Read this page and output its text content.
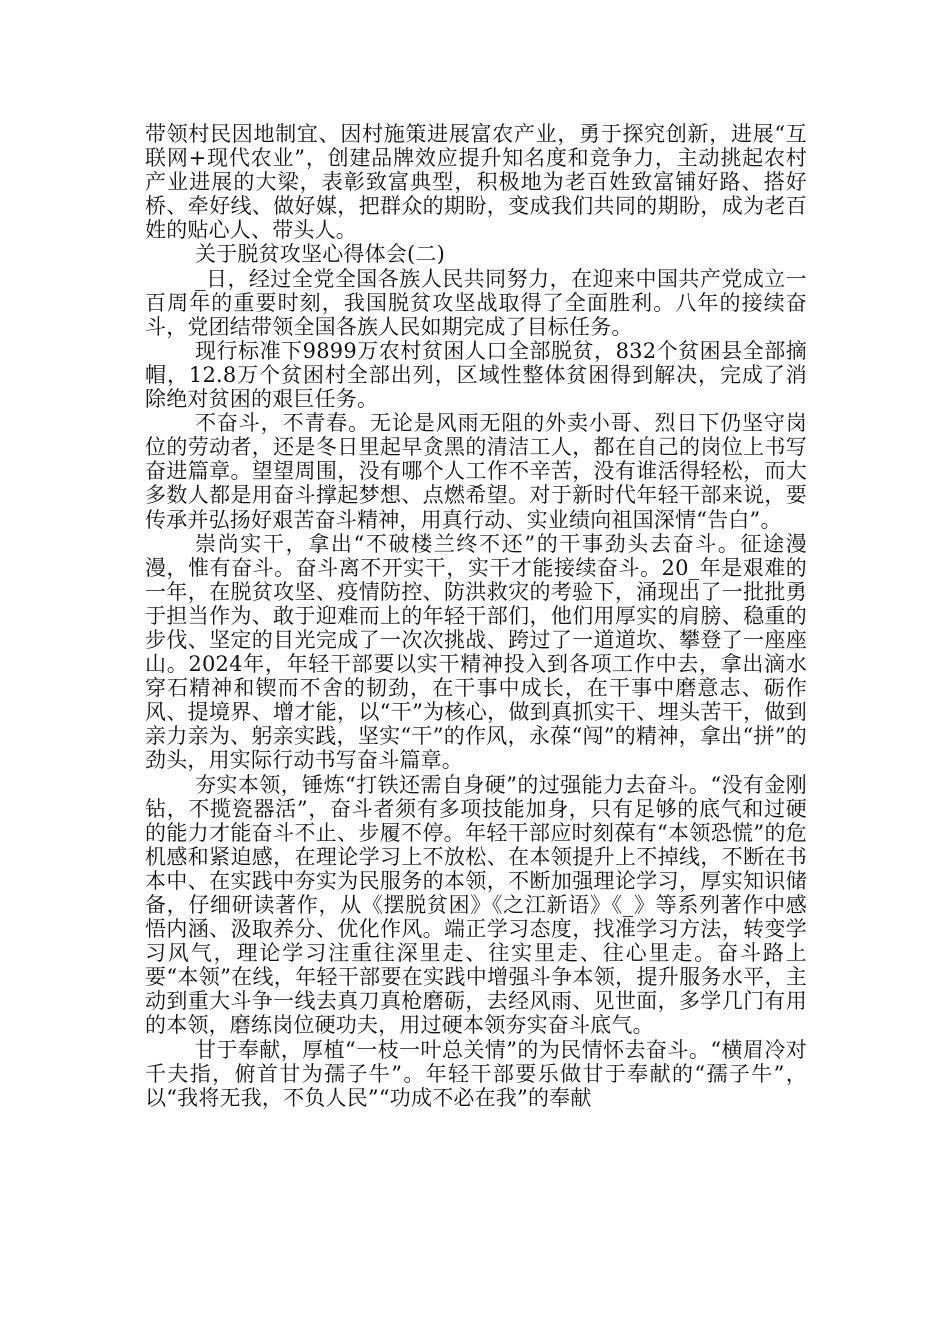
带领村民因地制宜、因村施策进展富农产业，勇于探究创新，进展“互联网+现代农业”，创建品牌效应提升知名度和竞争力，主动挑起农村产业进展的大梁，表彰致富典型，积极地为老百姓致富铺好路、搭好桥、牵好线、做好媒，把群众的期盼，变成我们共同的期盼，成为老百姓的贴心人、带头人。

关于脱贫攻坚心得体会(二)

_日，经过全党全国各族人民共同努力，在迎来中国共产党成立一百周年的重要时刻，我国脱贫攻坚战取得了全面胜利。八年的接续奋斗，党团结带领全国各族人民如期完成了目标任务。

现行标准下9899万农村贫困人口全部脱贫，832个贫困县全部摘帽，12.8万个贫困村全部出列，区域性整体贫困得到解决，完成了消除绝对贫困的艰巨任务。

不奋斗，不青春。无论是风雨无阻的外卖小哥、烈日下仍坚守岗位的劳动者，还是冬日里起早贪黑的清洁工人，都在自己的岗位上书写奋进篇章。望望周围，没有哪个人工作不辛苦，没有谁活得轻松，而大多数人都是用奋斗撑起梦想、点燃希望。对于新时代年轻干部来说，要传承并弘扬好艰苦奋斗精神，用真行动、实业绩向祖国深情“告白”。

崇尚实干，拿出“不破楼兰终不还”的干事劲头去奋斗。征途漫漫，惟有奋斗。奋斗离不开实干，实干才能接续奋斗。20_年是艰难的一年，在脱贫攻坚、疫情防控、防洪救灾的考验下，涌现出了一批批勇于担当作为、敢于迎难而上的年轻干部们，他们用厚实的肩膀、稳重的步伐、坚定的目光完成了一次次挑战、跨过了一道道坎、攀登了一座座山。2024年，年轻干部要以实干精神投入到各项工作中去，拿出滴水穿石精神和锲而不舍的韧劲，在干事中成长，在干事中磨意志、砺作风、提境界、增才能，以“干”为核心，做到真抓实干、埋头苦干，做到亲力亲为、躬亲实践，坚实“干”的作风，永葆“闯”的精神，拿出“拼”的劲头，用实际行动书写奋斗篇章。

夯实本领，锤炼“打铁还需自身硬”的过强能力去奋斗。“没有金刚钻，不揽瓷器活”，奋斗者须有多项技能加身，只有足够的底气和过硬的能力才能奋斗不止、步履不停。年轻干部应时刻葆有“本领恐慌”的危机感和紧迫感，在理论学习上不放松、在本领提升上不掉线，不断在书本中、在实践中夯实为民服务的本领，不断加强理论学习，厚实知识储备，仔细研读著作，从《摆脱贫困》《之江新语》《_》等系列著作中感悟内涵、汲取养分、优化作风。端正学习态度，找准学习方法，转变学习风气，理论学习注重往深里走、往实里走、往心里走。奋斗路上要“本领”在线，年轻干部要在实践中增强斗争本领，提升服务水平，主动到重大斗争一线去真刀真枪磨砺，去经风雨、见世面，多学几门有用的本领，磨练岗位硬功夫，用过硬本领夯实奋斗底气。

甘于奉献，厚植“一枝一叶总关情”的为民情怀去奋斗。“横眉冷对千夫指，俯首甘为孺子牛”。年轻干部要乐做甘于奉献的“孺子牛”，以“我将无我，不负人民”“功成不必在我”的奉献
